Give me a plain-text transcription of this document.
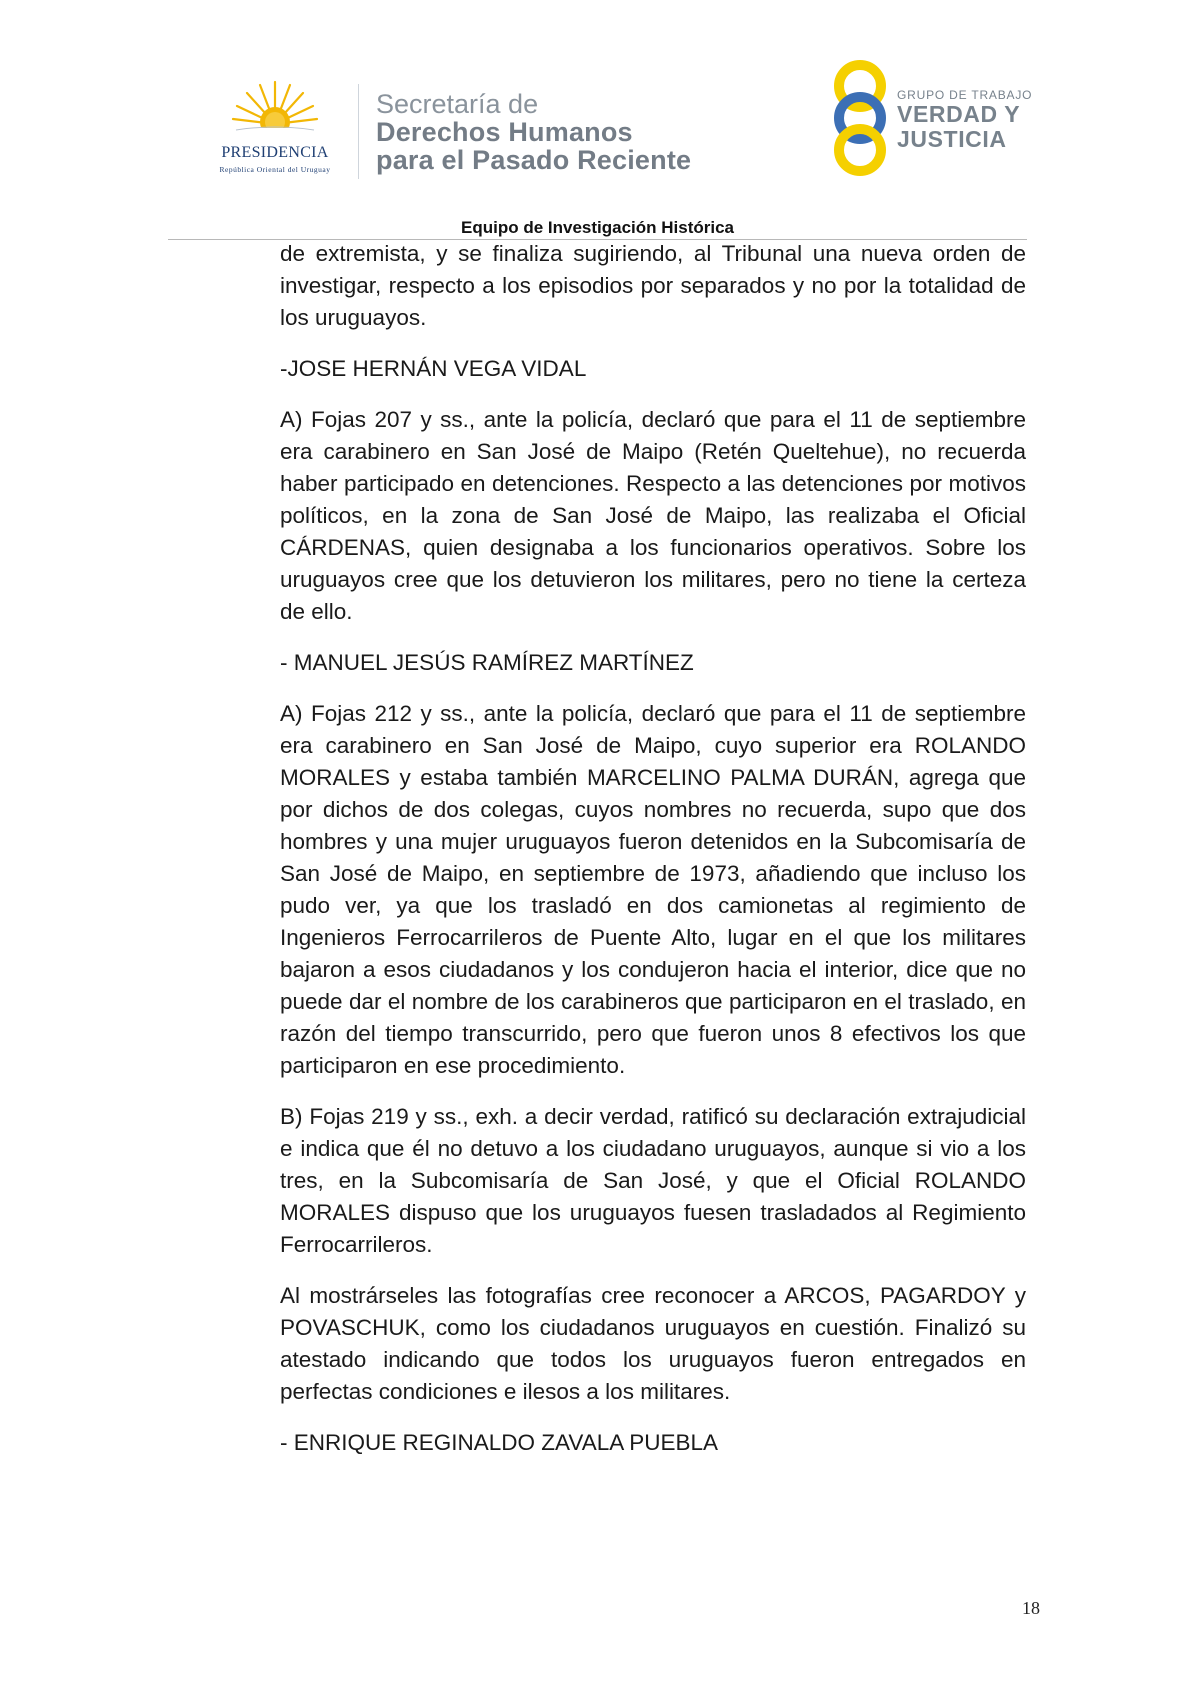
PRESIDENCIA
República Oriental del Uruguay
Secretaría de
Derechos Humanos
para el Pasado Reciente
GRUPO DE TRABAJO
VERDAD Y
JUSTICIA
Equipo de Investigación Histórica

de extremista, y se finaliza sugiriendo, al Tribunal una nueva orden de investigar, respecto a los episodios por separados y no por la totalidad de los uruguayos.

-JOSE HERNÁN VEGA VIDAL

A) Fojas 207 y ss., ante la policía, declaró que para el 11 de septiembre era carabinero en San José de Maipo (Retén Queltehue), no recuerda haber participado en detenciones. Respecto a las detenciones por motivos políticos, en la zona de San José de Maipo, las realizaba el Oficial CÁRDENAS, quien designaba a los funcionarios operativos. Sobre los uruguayos cree que los detuvieron los militares, pero no tiene la certeza de ello.

- MANUEL JESÚS RAMÍREZ MARTÍNEZ

A) Fojas 212 y ss., ante la policía, declaró que para el 11 de septiembre era carabinero en San José de Maipo, cuyo superior era ROLANDO MORALES y estaba también MARCELINO PALMA DURÁN, agrega que por dichos de dos colegas, cuyos nombres no recuerda, supo que dos hombres y una mujer uruguayos fueron detenidos en la Subcomisaría de San José de Maipo, en septiembre de 1973, añadiendo que incluso los pudo ver, ya que los trasladó en dos camionetas al regimiento de Ingenieros Ferrocarrileros de Puente Alto, lugar en el que los militares bajaron a esos ciudadanos y los condujeron hacia el interior, dice que no puede dar el nombre de los carabineros que participaron en el traslado, en razón del tiempo transcurrido, pero que fueron unos 8 efectivos los que participaron en ese procedimiento.

B) Fojas 219 y ss., exh. a decir verdad, ratificó su declaración extrajudicial e indica que él no detuvo a los ciudadano uruguayos, aunque si vio a los tres, en la Subcomisaría de San José, y que el Oficial ROLANDO MORALES dispuso que los uruguayos fuesen trasladados al Regimiento Ferrocarrileros.

Al mostrárseles las fotografías cree reconocer a ARCOS, PAGARDOY y POVASCHUK, como los ciudadanos uruguayos en cuestión. Finalizó su atestado indicando que todos los uruguayos fueron entregados en perfectas condiciones e ilesos a los militares.

- ENRIQUE REGINALDO ZAVALA PUEBLA

18
